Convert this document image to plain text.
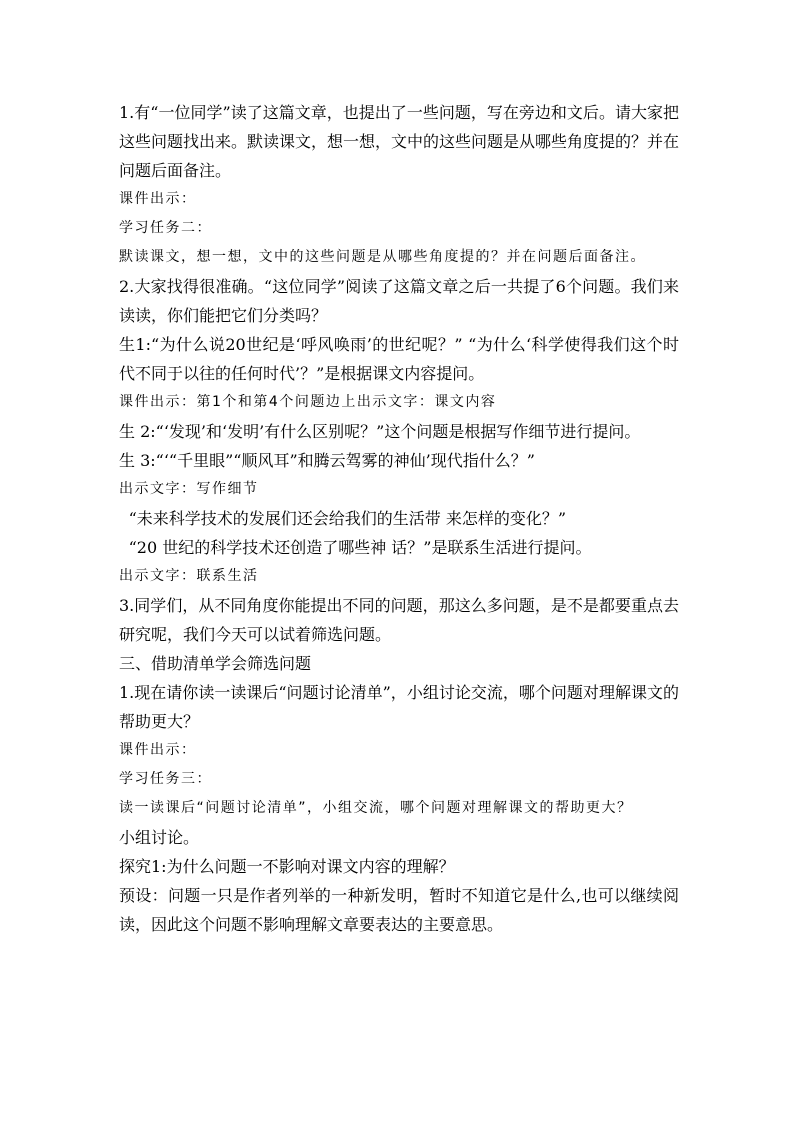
1.有“一位同学”读了这篇文章，也提出了一些问题，写在旁边和文后。请大家把这些问题找出来。默读课文，想一想，文中的这些问题是从哪些角度提的？并在问题后面备注。

课件出示：

学习任务二：

默读课文，想一想，文中的这些问题是从哪些角度提的？并在问题后面备注。

2.大家找得很准确。“这位同学”阅读了这篇文章之后一共提了6个问题。我们来读读，你们能把它们分类吗？

生1:“为什么说20世纪是‘呼风唤雨’的世纪呢？” “为什么‘科学使得我们这个时代不同于以往的任何时代’？”是根据课文内容提问。

课件出示：第1个和第4个问题边上出示文字：课文内容

生 2:“‘发现’和‘发明’有什么区别呢？”这个问题是根据写作细节进行提问。

生 3:“‘“千里眼”“顺风耳”和腾云驾雾的神仙’现代指什么？”

出示文字：写作细节

“未来科学技术的发展们还会给我们的生活带 来怎样的变化？”

“20 世纪的科学技术还创造了哪些神 话？”是联系生活进行提问。

出示文字：联系生活

3.同学们，从不同角度你能提出不同的问题，那这么多问题，是不是都要重点去研究呢，我们今天可以试着筛选问题。

三、借助清单学会筛选问题

1.现在请你读一读课后“问题讨论清单”，小组讨论交流，哪个问题对理解课文的帮助更大？

课件出示：

学习任务三：

读一读课后“问题讨论清单”，小组交流，哪个问题对理解课文的帮助更大？

小组讨论。

探究1:为什么问题一不影响对课文内容的理解？

预设：问题一只是作者列举的一种新发明，暂时不知道它是什么,也可以继续阅读，因此这个问题不影响理解文章要表达的主要意思。
